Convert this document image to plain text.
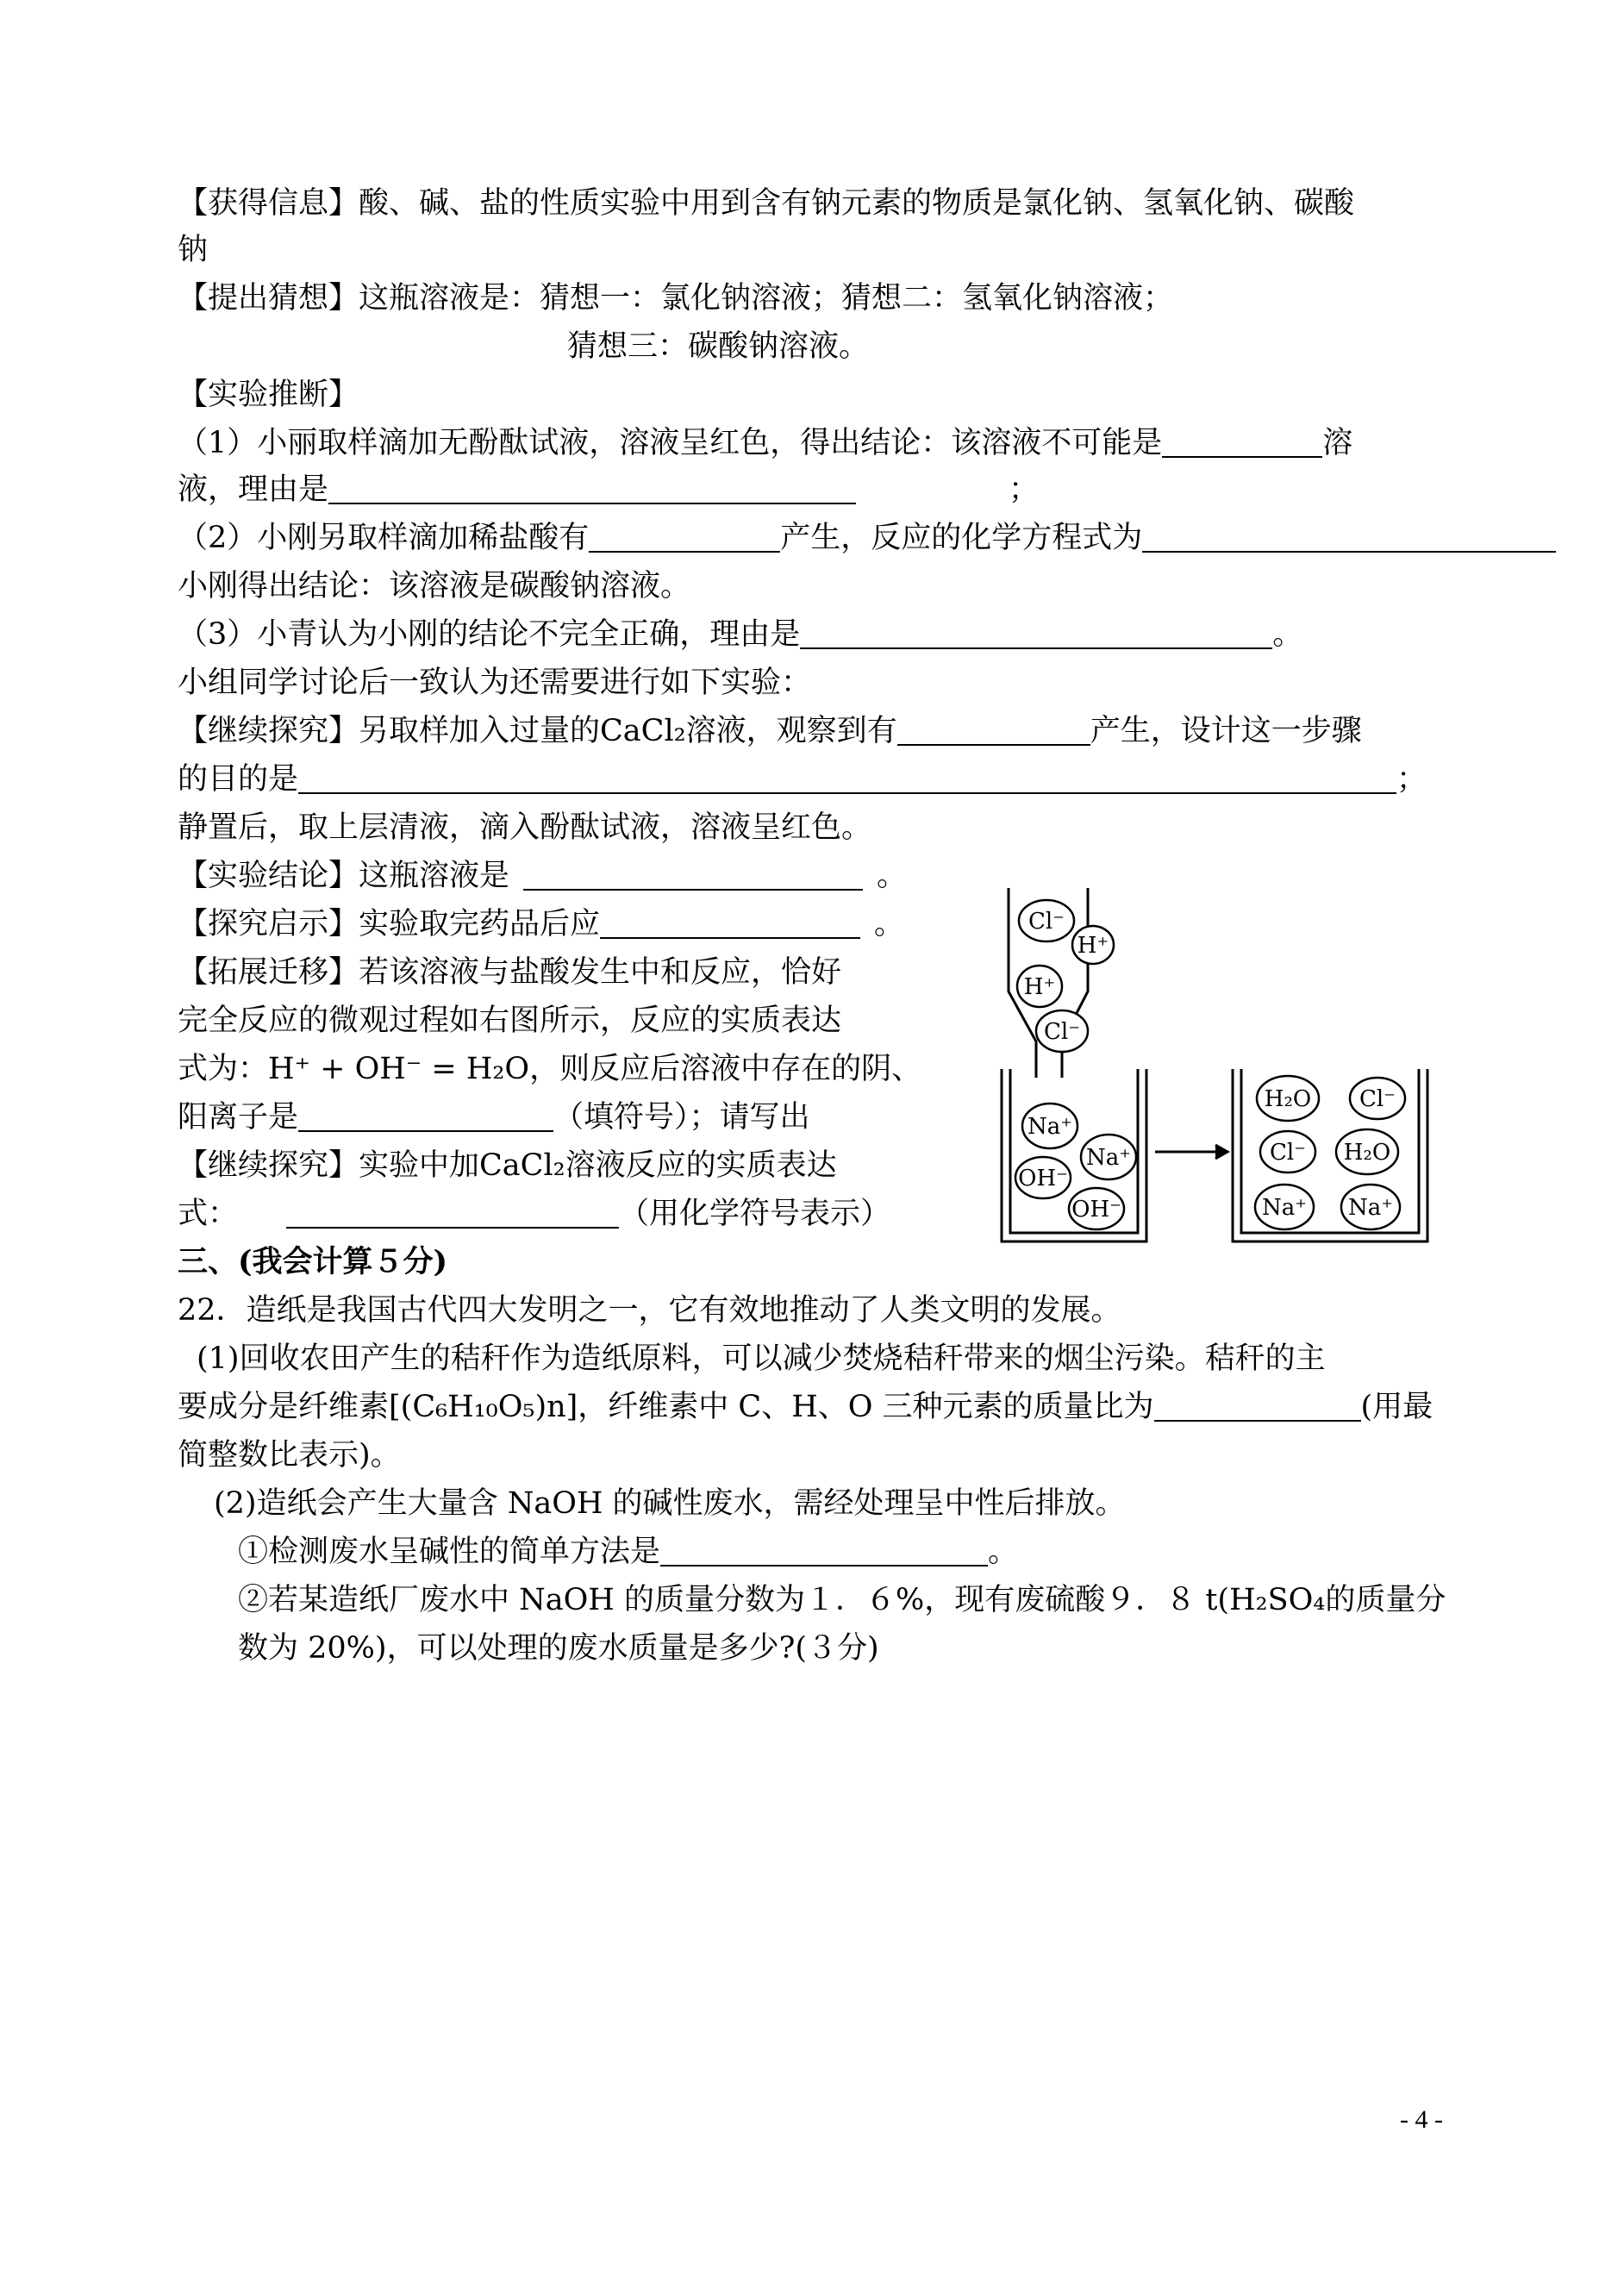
【获得信息】酸、碱、盐的性质实验中用到含有钠元素的物质是氯化钠、氢氧化钠、碳酸
钠
【提出猜想】这瓶溶液是：猜想一：氯化钠溶液；猜想二：氢氧化钠溶液；
猜想三：碳酸钠溶液。
【实验推断】
（1）小丽取样滴加无酚酞试液，溶液呈红色，得出结论：该溶液不可能是	溶
液，理由是	；
（2）小刚另取样滴加稀盐酸有	产生，反应的化学方程式为
小刚得出结论：该溶液是碳酸钠溶液。
（3）小青认为小刚的结论不完全正确，理由是	。
小组同学讨论后一致认为还需要进行如下实验：
【继续探究】另取样加入过量的CaCl₂溶液，观察到有	产生，设计这一步骤
的目的是	；
静置后，取上层清液，滴入酚酞试液，溶液呈红色。
【实验结论】这瓶溶液是	。
【探究启示】实验取完药品后应	。
【拓展迁移】若该溶液与盐酸发生中和反应，恰好
完全反应的微观过程如右图所示，反应的实质表达
式为：H⁺ + OH⁻ = H₂O，则反应后溶液中存在的阴、
阳离子是	（填符号）；请写出
【继续探究】实验中加CaCl₂溶液反应的实质表达
式：	（用化学符号表示）
三、(我会计算５分)
22．造纸是我国古代四大发明之一，它有效地推动了人类文明的发展。
(1)回收农田产生的秸秆作为造纸原料，可以减少焚烧秸秆带来的烟尘污染。秸秆的主
要成分是纤维素[(C₆H₁₀O₅)n]，纤维素中 C、H、O 三种元素的质量比为	(用最
简整数比表示)。
(2)造纸会产生大量含 NaOH 的碱性废水，需经处理呈中性后排放。
①检测废水呈碱性的简单方法是	。
②若某造纸厂废水中 NaOH 的质量分数为１．６%，现有废硫酸９．８ t(H₂SO₄的质量分
数为 20%)，可以处理的废水质量是多少?(３分)
Cl⁻
H⁺
H⁺
Cl⁻
Na⁺
Na⁺
OH⁻
OH⁻
H₂O Cl⁻
Cl⁻ H₂O
Na⁺ Na⁺
- 4 -
